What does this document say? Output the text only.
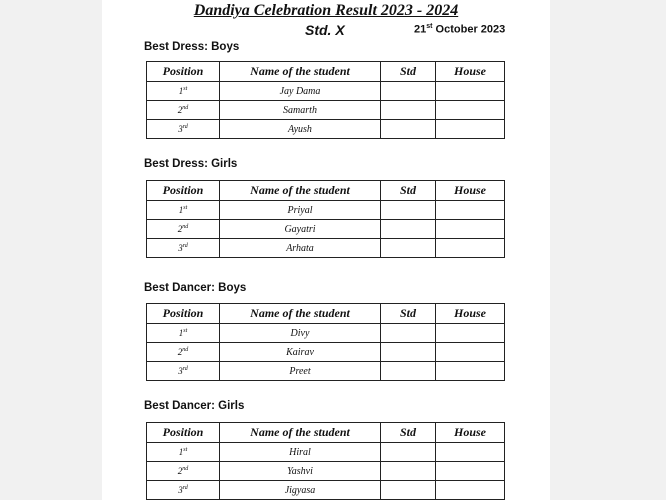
Dandiya Celebration Result 2023 - 2024
Std. X	21st October 2023
Best Dress: Boys
Position	Name of the student	Std	House
1st	Jay Dama		
2nd	Samarth		
3rd	Ayush		
Best Dress: Girls
Position	Name of the student	Std	House
1st	Priyal		
2nd	Gayatri		
3rd	Arhata		
Best Dancer: Boys
Position	Name of the student	Std	House
1st	Divy		
2nd	Kairav		
3rd	Preet		
Best Dancer: Girls
Position	Name of the student	Std	House
1st	Hiral		
2nd	Yashvi		
3rd	Jigyasa		
